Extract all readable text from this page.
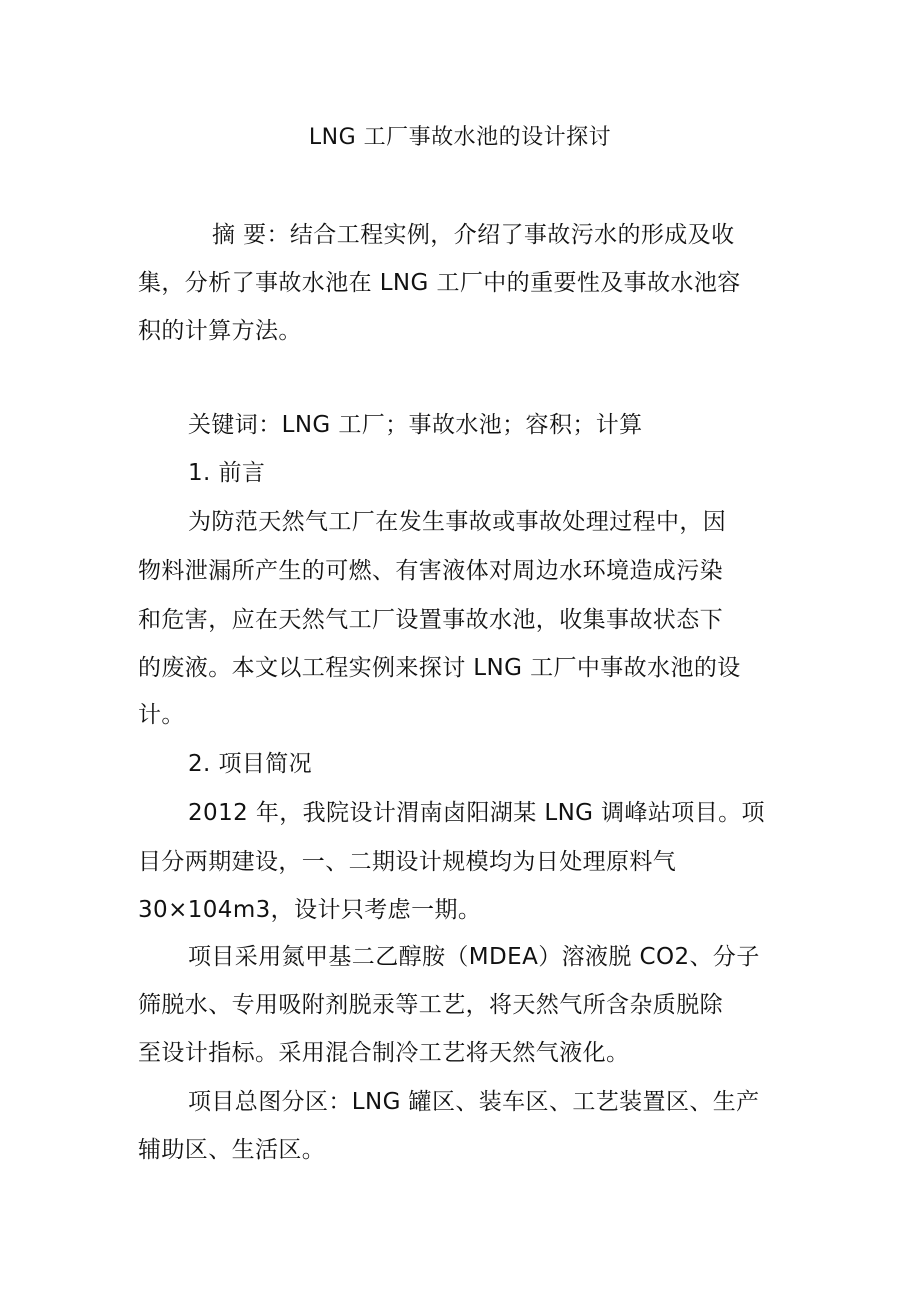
LNG 工厂事故水池的设计探讨
摘 要：结合工程实例，介绍了事故污水的形成及收
集，分析了事故水池在 LNG 工厂中的重要性及事故水池容
积的计算方法。
关键词：LNG 工厂；事故水池；容积；计算
1. 前言
为防范天然气工厂在发生事故或事故处理过程中，因
物料泄漏所产生的可燃、有害液体对周边水环境造成污染
和危害，应在天然气工厂设置事故水池，收集事故状态下
的废液。本文以工程实例来探讨 LNG 工厂中事故水池的设
计。
2. 项目简况
2012 年，我院设计渭南卤阳湖某 LNG 调峰站项目。项
目分两期建设，一、二期设计规模均为日处理原料气
30×104m3，设计只考虑一期。
项目采用氮甲基二乙醇胺（MDEA）溶液脱 CO2、分子
筛脱水、专用吸附剂脱汞等工艺，将天然气所含杂质脱除
至设计指标。采用混合制冷工艺将天然气液化。
项目总图分区：LNG 罐区、装车区、工艺装置区、生产
辅助区、生活区。
